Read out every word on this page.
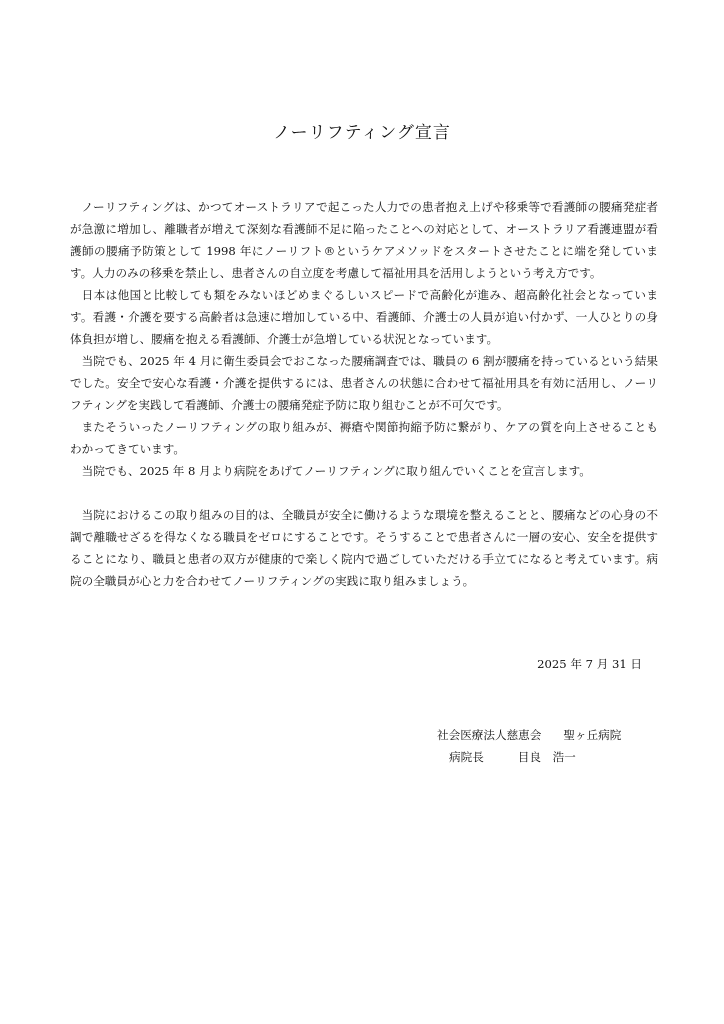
ノーリフティング宣言

ノーリフティングは、かつてオーストラリアで起こった人力での患者抱え上げや移乗等で看護師の腰痛発症者が急激に増加し、離職者が増えて深刻な看護師不足に陥ったことへの対応として、オーストラリア看護連盟が看護師の腰痛予防策として 1998 年にノーリフト®というケアメソッドをスタートさせたことに端を発しています。人力のみの移乗を禁止し、患者さんの自立度を考慮して福祉用具を活用しようという考え方です。

日本は他国と比較しても類をみないほどめまぐるしいスピードで高齢化が進み、超高齢化社会となっています。看護・介護を要する高齢者は急速に増加している中、看護師、介護士の人員が追い付かず、一人ひとりの身体負担が増し、腰痛を抱える看護師、介護士が急増している状況となっています。

当院でも、2025 年 4 月に衛生委員会でおこなった腰痛調査では、職員の 6 割が腰痛を持っているという結果でした。安全で安心な看護・介護を提供するには、患者さんの状態に合わせて福祉用具を有効に活用し、ノーリフティングを実践して看護師、介護士の腰痛発症予防に取り組むことが不可欠です。

またそういったノーリフティングの取り組みが、褥瘡や関節拘縮予防に繋がり、ケアの質を向上させることもわかってきています。

当院でも、2025 年 8 月より病院をあげてノーリフティングに取り組んでいくことを宣言します。

当院におけるこの取り組みの目的は、全職員が安全に働けるような環境を整えることと、腰痛などの心身の不調で離職せざるを得なくなる職員をゼロにすることです。そうすることで患者さんに一層の安心、安全を提供することになり、職員と患者の双方が健康的で楽しく院内で過ごしていただける手立てになると考えています。病院の全職員が心と力を合わせてノーリフティングの実践に取り組みましょう。

2025 年 7 月 31 日
社会医療法人慈恵会 聖ヶ丘病院
病院長	目良　浩一
